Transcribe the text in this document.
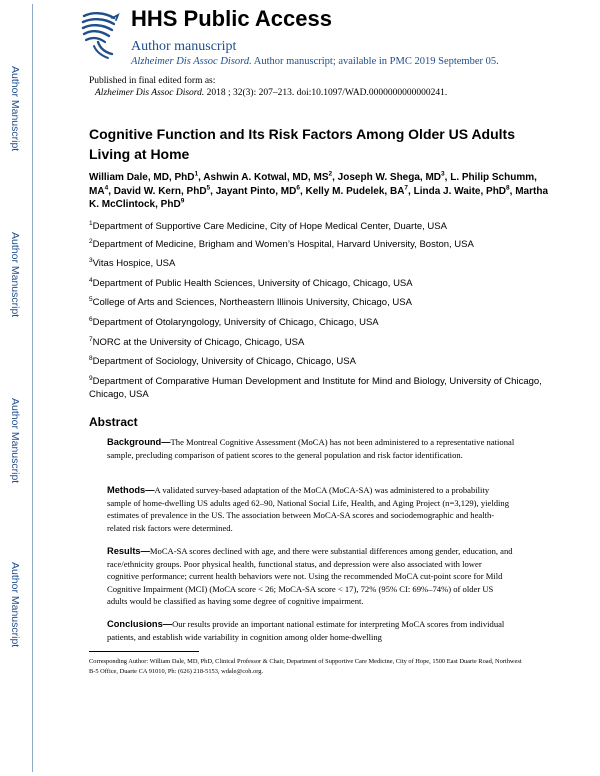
Author Manuscript
Author Manuscript
Author Manuscript
Author Manuscript
HHS Public Access
Author manuscript
Alzheimer Dis Assoc Disord. Author manuscript; available in PMC 2019 September 05.
Published in final edited form as:
Alzheimer Dis Assoc Disord. 2018 ; 32(3): 207–213. doi:10.1097/WAD.0000000000000241.
Cognitive Function and Its Risk Factors Among Older US Adults Living at Home
William Dale, MD, PhD$^1$, Ashwin A. Kotwal, MD, $MS^2$, Joseph W. Shega, $MD^3$, L. Philip Schumm, $MA^4$, David W. Kern, PhD$^5$, Jayant Pinto, $MD^6$, Kelly M. Pudelek, $BA^7$, Linda J. Waite, PhD$^8$, Martha K. McClintock, PhD$^9$
$^1$Department of Supportive Care Medicine, City of Hope Medical Center, Duarte, USA
$^2$Department of Medicine, Brigham and Women’s Hospital, Harvard University, Boston, USA
$^3$Vitas Hospice, USA
$^4$Department of Public Health Sciences, University of Chicago, Chicago, USA
$^5$College of Arts and Sciences, Northeastern Illinois University, Chicago, USA
$^6$Department of Otolaryngology, University of Chicago, Chicago, USA
$^7$NORC at the University of Chicago, Chicago, USA
$^8$Department of Sociology, University of Chicago, Chicago, USA
$^9$Department of Comparative Human Development and Institute for Mind and Biology, University of Chicago, Chicago, USA
Abstract
Background—The Montreal Cognitive Assessment (MoCA) has not been administered to a representative national sample, precluding comparison of patient scores to the general population and risk factor identification.
Methods—A validated survey-based adaptation of the MoCA (MoCA-SA) was administered to a probability sample of home-dwelling US adults aged 62–90, National Social Life, Health, and Aging Project (n=3,129), yielding estimates of prevalence in the US. The association between MoCA-SA scores and sociodemographic and health-related risk factors were determined.
Results—MoCA-SA scores declined with age, and there were substantial differences among gender, education, and race/ethnicity groups. Poor physical health, functional status, and depression were also associated with lower cognitive performance; current health behaviors were not. Using the recommended MoCA cut-point score for Mild Cognitive Impairment (MCI) (MoCA score < 26; MoCA-SA score < 17), 72% (95% CI: 69%–74%) of older US adults would be classified as having some degree of cognitive impairment.
Conclusions—Our results provide an important national estimate for interpreting MoCA scores from individual patients, and establish wide variability in cognition among older home-dwelling
Corresponding Author: William Dale, MD, PhD, Clinical Professor & Chair, Department of Supportive Care Medicine, City of Hope, 1500 East Duarte Road, Northwest B-5 Office, Duarte CA 91010, Ph: (626) 218-5153, wdale@coh.org.
